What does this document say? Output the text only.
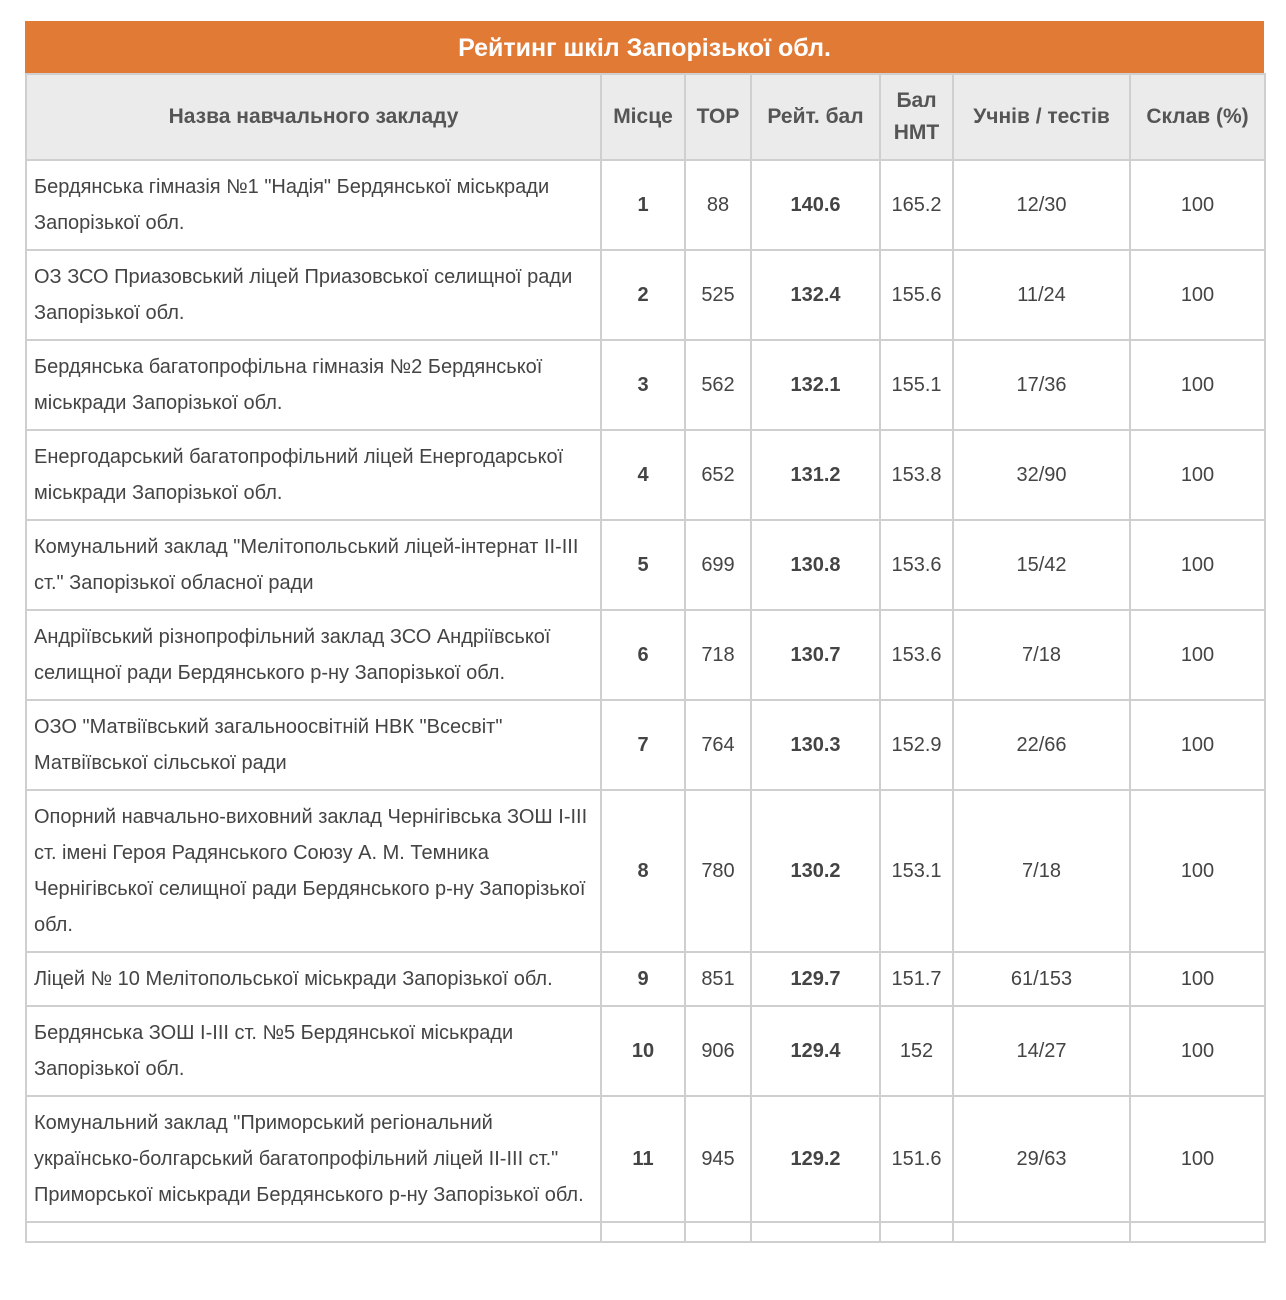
Рейтинг шкіл Запорізької обл.
Назва навчального закладу	Місце	TOP	Рейт. бал	Бал НМТ	Учнів / тестів	Склав (%)
Бердянська гімназія №1 "Надія" Бердянської міськради Запорізької обл.	1	88	140.6	165.2	12/30	100
ОЗ ЗСО Приазовський ліцей Приазовської селищної ради Запорізької обл.	2	525	132.4	155.6	11/24	100
Бердянська багатопрофільна гімназія №2 Бердянської міськради Запорізької обл.	3	562	132.1	155.1	17/36	100
Енергодарський багатопрофільний ліцей Енергодарської міськради Запорізької обл.	4	652	131.2	153.8	32/90	100
Комунальний заклад "Мелітопольський ліцей-інтернат ІІ-ІІІ ст." Запорізької обласної ради	5	699	130.8	153.6	15/42	100
Андріївський різнопрофільний заклад ЗСО Андріївської селищної ради Бердянського р-ну Запорізької обл.	6	718	130.7	153.6	7/18	100
ОЗО "Матвіївський загальноосвітній НВК "Всесвіт" Матвіївської сільської ради	7	764	130.3	152.9	22/66	100
Опорний навчально-виховний заклад Чернігівська ЗОШ І-ІІІ ст. імені Героя Радянського Союзу А. М. Темника Чернігівської селищної ради Бердянського р-ну Запорізької обл.	8	780	130.2	153.1	7/18	100
Ліцей № 10 Мелітопольської міськради Запорізької обл.	9	851	129.7	151.7	61/153	100
Бердянська ЗОШ І-ІІІ ст. №5 Бердянської міськради Запорізької обл.	10	906	129.4	152	14/27	100
Комунальний заклад "Приморський регіональний українсько-болгарський багатопрофільний ліцей ІІ-ІІІ ст." Приморської міськради Бердянського р-ну Запорізької обл.	11	945	129.2	151.6	29/63	100
